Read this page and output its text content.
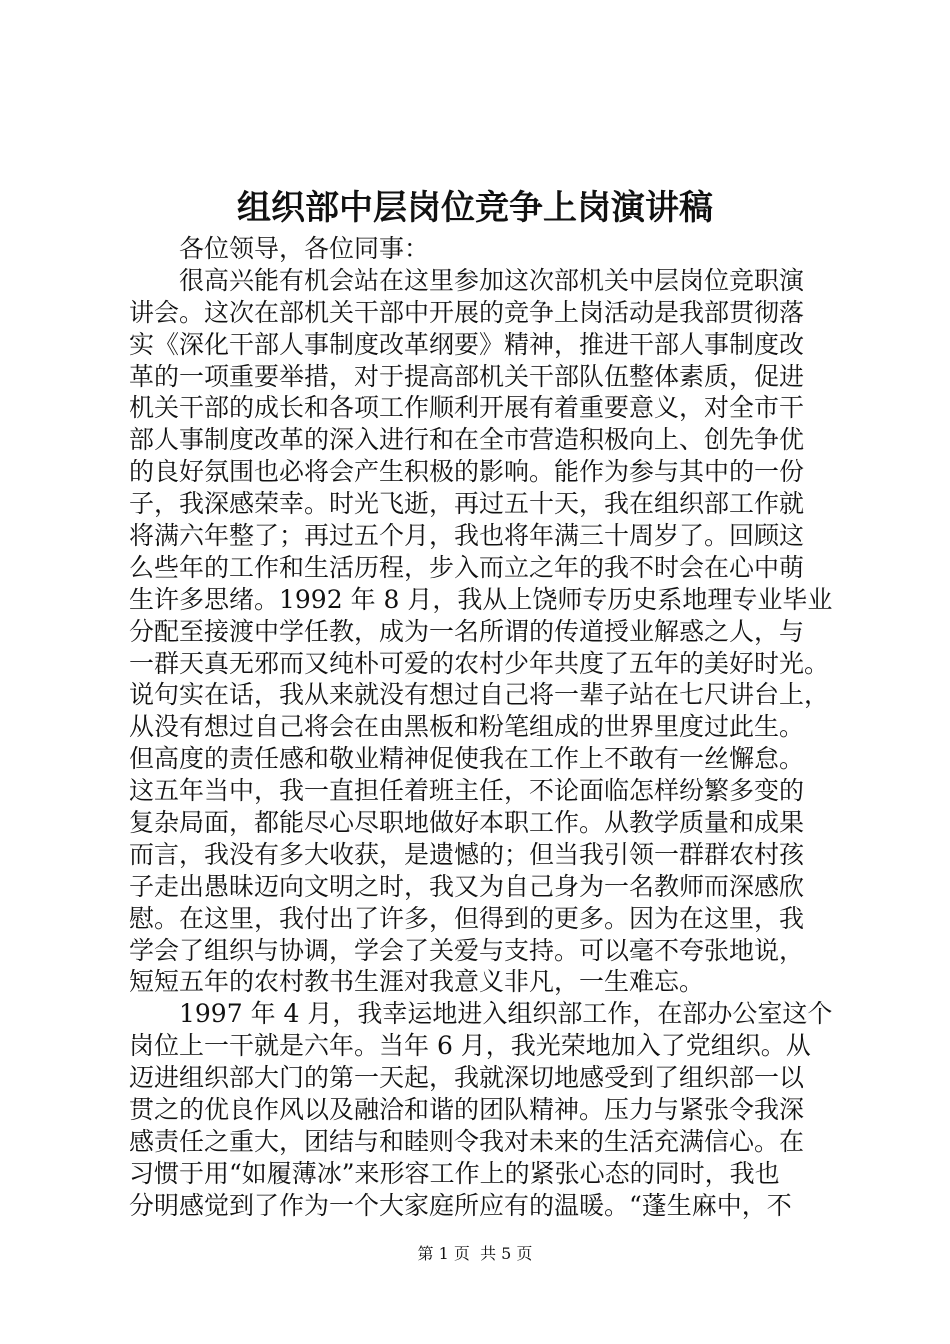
组织部中层岗位竞争上岗演讲稿
各位领导，各位同事：
很高兴能有机会站在这里参加这次部机关中层岗位竞职演
讲会。这次在部机关干部中开展的竞争上岗活动是我部贯彻落
实《深化干部人事制度改革纲要》精神，推进干部人事制度改
革的一项重要举措，对于提高部机关干部队伍整体素质，促进
机关干部的成长和各项工作顺利开展有着重要意义，对全市干
部人事制度改革的深入进行和在全市营造积极向上、创先争优
的良好氛围也必将会产生积极的影响。能作为参与其中的一份
子，我深感荣幸。时光飞逝，再过五十天，我在组织部工作就
将满六年整了；再过五个月，我也将年满三十周岁了。回顾这
么些年的工作和生活历程，步入而立之年的我不时会在心中萌
生许多思绪。1992 年 8 月，我从上饶师专历史系地理专业毕业
分配至接渡中学任教，成为一名所谓的传道授业解惑之人，与
一群天真无邪而又纯朴可爱的农村少年共度了五年的美好时光。
说句实在话，我从来就没有想过自己将一辈子站在七尺讲台上，
从没有想过自己将会在由黑板和粉笔组成的世界里度过此生。
但高度的责任感和敬业精神促使我在工作上不敢有一丝懈怠。
这五年当中，我一直担任着班主任，不论面临怎样纷繁多变的
复杂局面，都能尽心尽职地做好本职工作。从教学质量和成果
而言，我没有多大收获，是遗憾的；但当我引领一群群农村孩
子走出愚昧迈向文明之时，我又为自己身为一名教师而深感欣
慰。在这里，我付出了许多，但得到的更多。因为在这里，我
学会了组织与协调，学会了关爱与支持。可以毫不夸张地说，
短短五年的农村教书生涯对我意义非凡，一生难忘。
1997 年 4 月，我幸运地进入组织部工作，在部办公室这个
岗位上一干就是六年。当年 6 月，我光荣地加入了党组织。从
迈进组织部大门的第一天起，我就深切地感受到了组织部一以
贯之的优良作风以及融洽和谐的团队精神。压力与紧张令我深
感责任之重大，团结与和睦则令我对未来的生活充满信心。在
习惯于用“如履薄冰”来形容工作上的紧张心态的同时，我也
分明感觉到了作为一个大家庭所应有的温暖。“蓬生麻中，不
第 1 页  共 5 页
